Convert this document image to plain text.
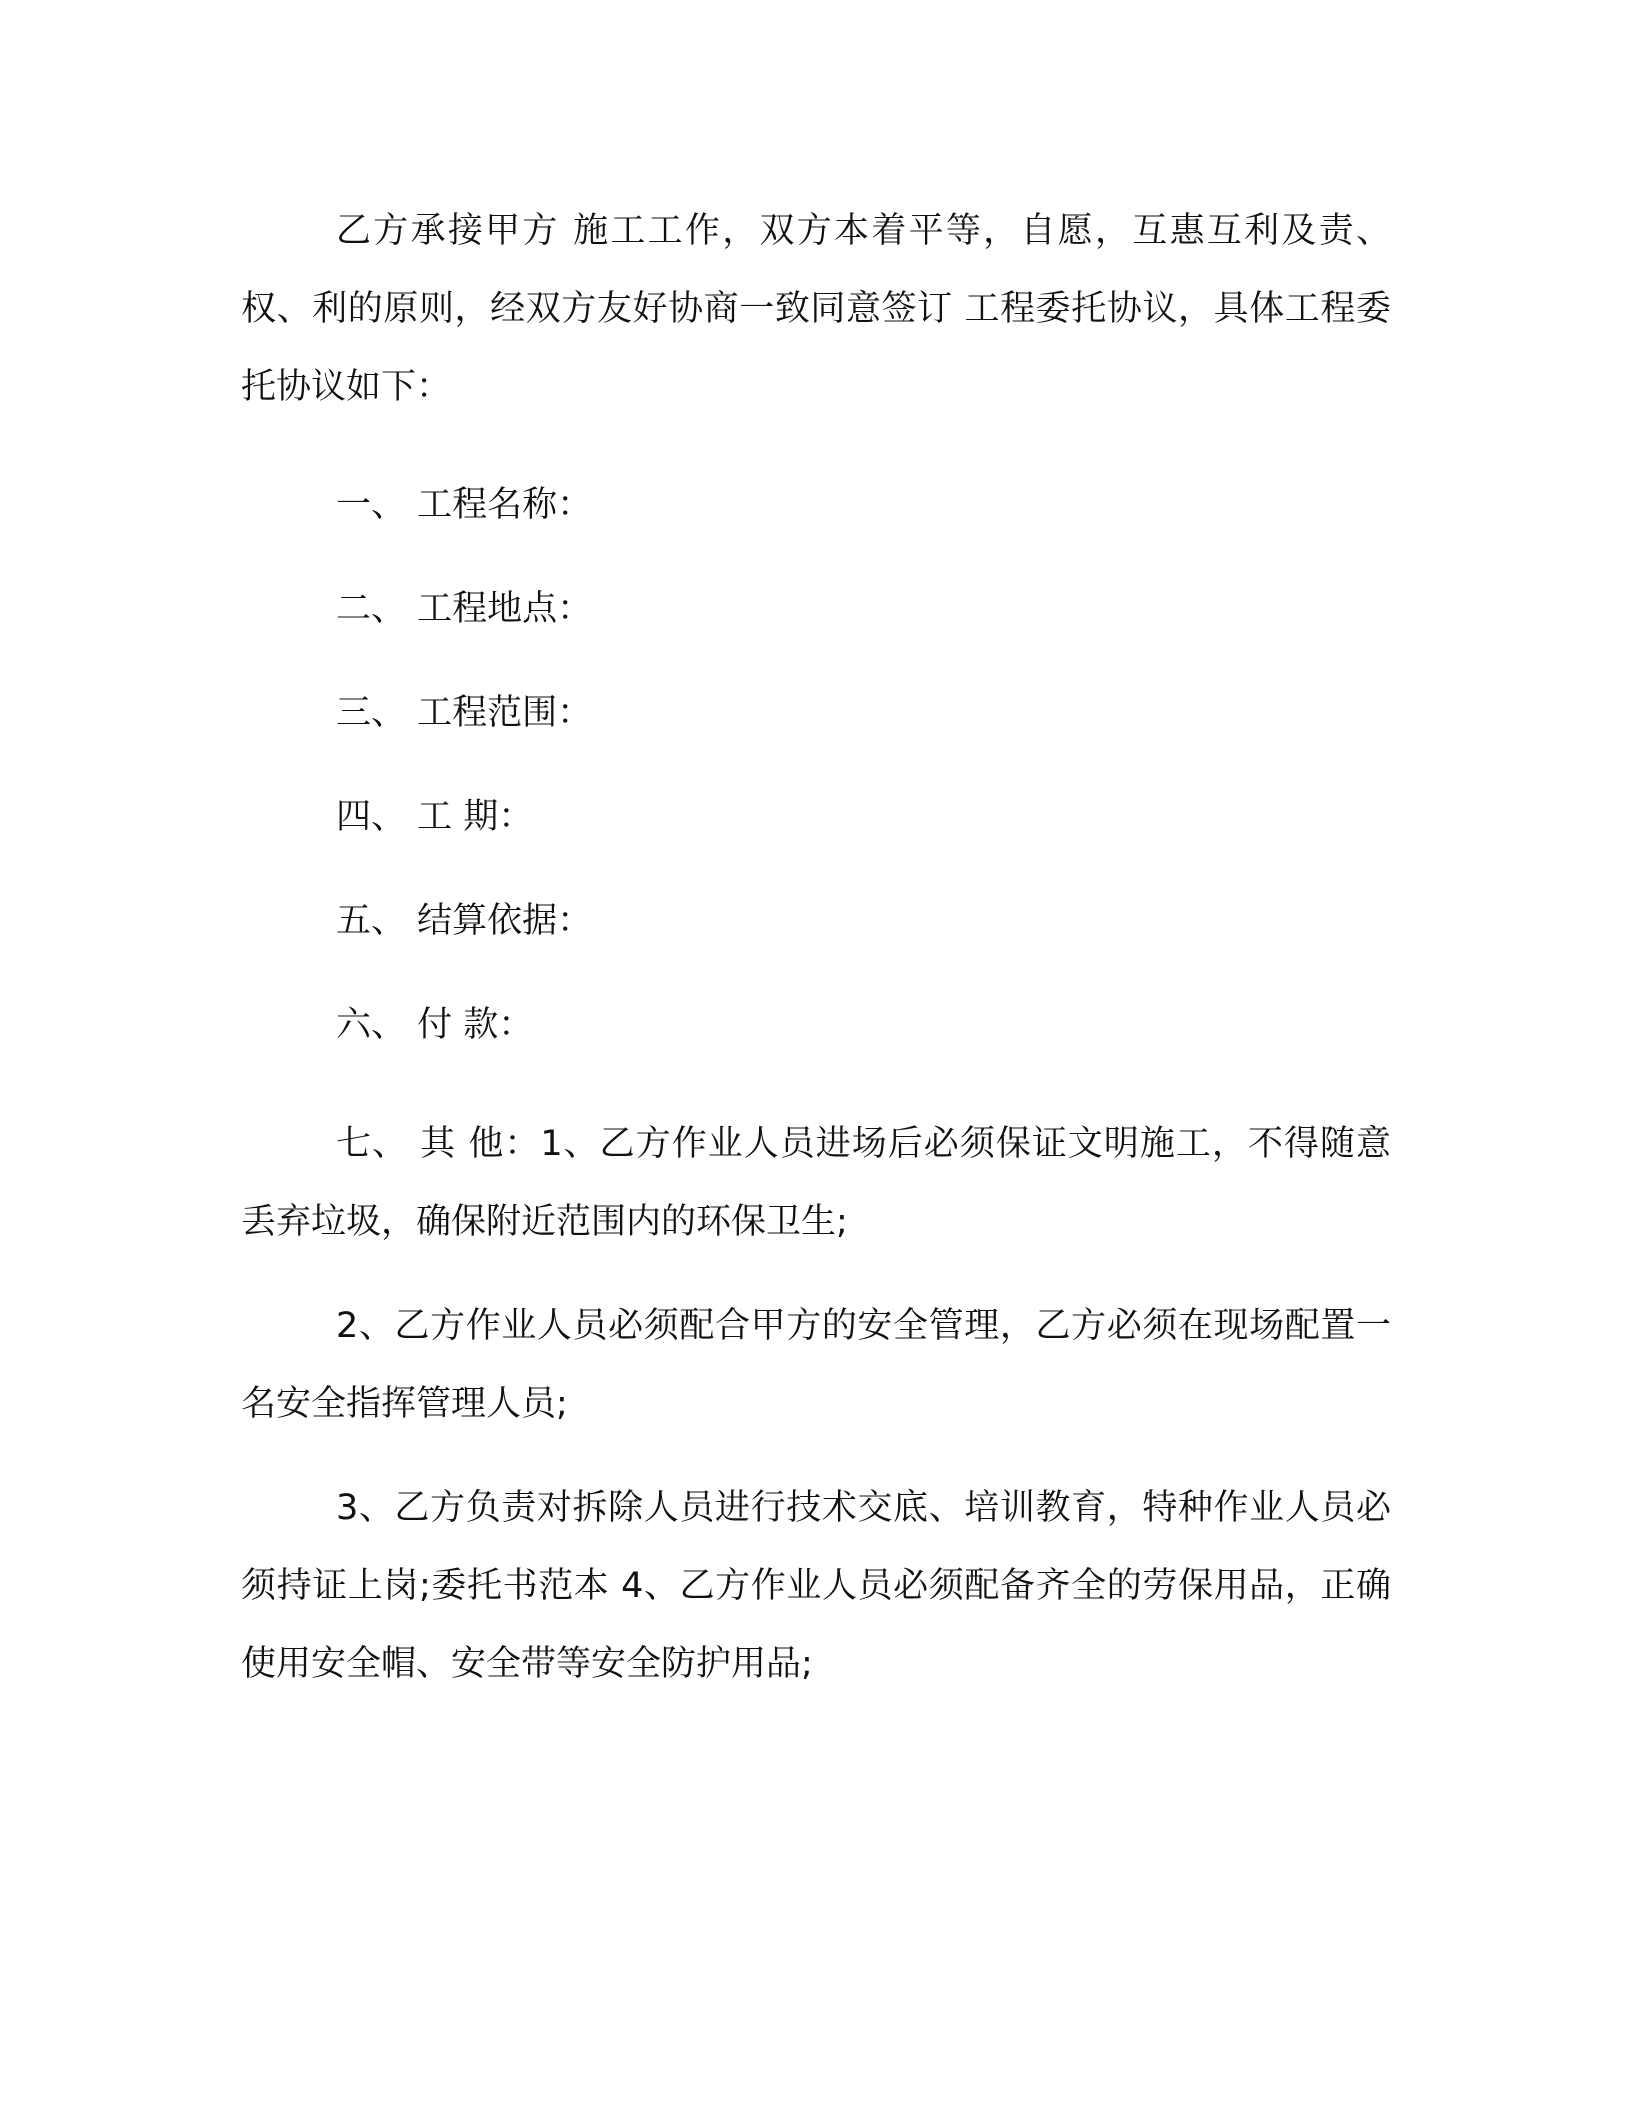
乙方承接甲方 施工工作，双方本着平等，自愿，互惠互利及责、权、利的原则，经双方友好协商一致同意签订 工程委托协议，具体工程委托协议如下：

一、 工程名称：
二、 工程地点：
三、 工程范围：
四、 工 期：
五、 结算依据：
六、 付 款：

七、 其 他：1、乙方作业人员进场后必须保证文明施工，不得随意丢弃垃圾，确保附近范围内的环保卫生;

2、乙方作业人员必须配合甲方的安全管理，乙方必须在现场配置一名安全指挥管理人员;

3、乙方负责对拆除人员进行技术交底、培训教育，特种作业人员必须持证上岗;委托书范本 4、乙方作业人员必须配备齐全的劳保用品，正确使用安全帽、安全带等安全防护用品;
